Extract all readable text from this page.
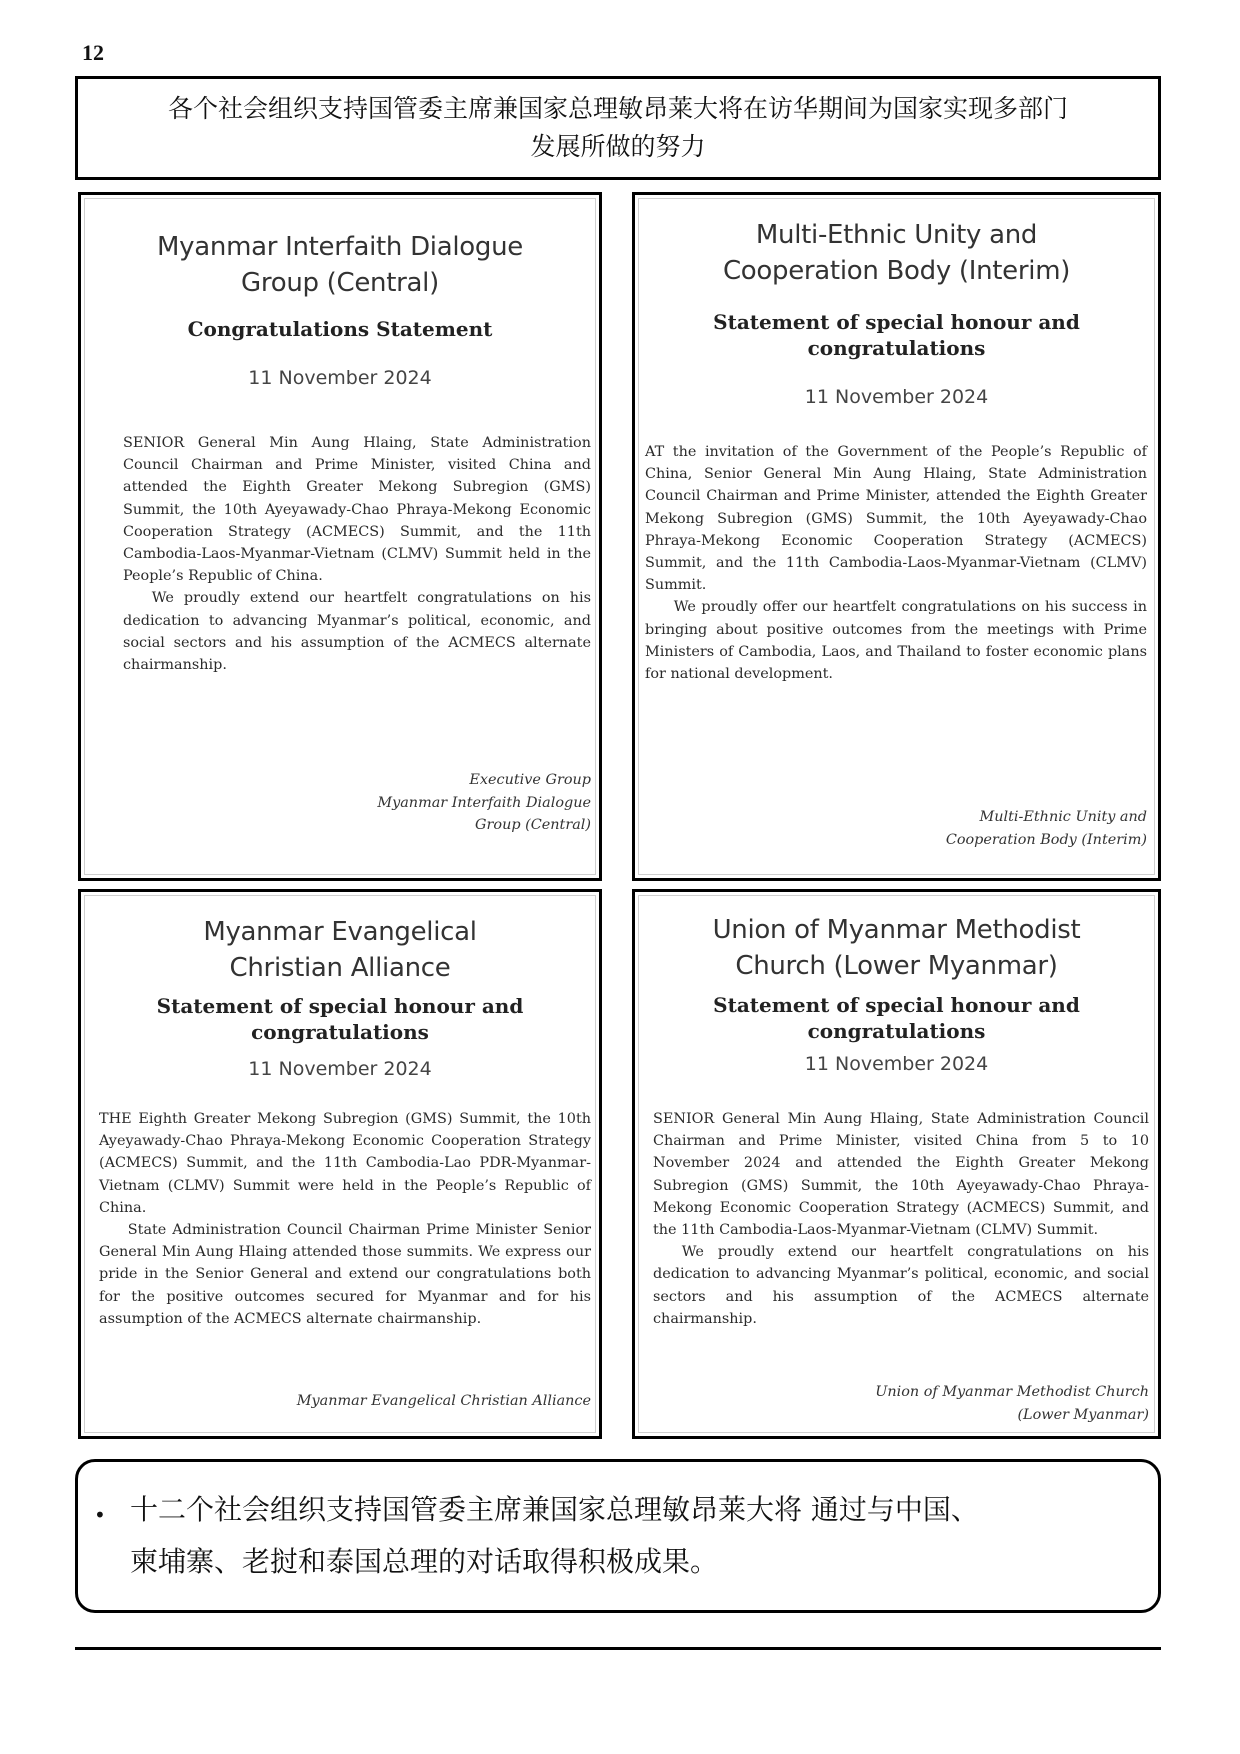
12
各个社会组织支持国管委主席兼国家总理敏昂莱大将在访华期间为国家实现多部门
发展所做的努力
Myanmar Interfaith Dialogue
Group (Central)
Congratulations Statement
11 November 2024

SENIOR General Min Aung Hlaing, State Administration Council Chairman and Prime Minister, visited China and attended the Eighth Greater Mekong Subregion (GMS) Summit, the 10th Ayeyawady-Chao Phraya-Mekong Economic Cooperation Strategy (ACMECS) Summit, and the 11th Cambodia-Laos-Myanmar-Vietnam (CLMV) Summit held in the People’s Republic of China.

We proudly extend our heartfelt congratulations on his dedication to advancing Myanmar’s political, economic, and social sectors and his assumption of the ACMECS alternate chairmanship.

Executive Group
Myanmar Interfaith Dialogue
Group (Central)
Multi-Ethnic Unity and
Cooperation Body (Interim)
Statement of special honour and
congratulations
11 November 2024

AT the invitation of the Government of the People’s Republic of China, Senior General Min Aung Hlaing, State Administration Council Chairman and Prime Minister, attended the Eighth Greater Mekong Subregion (GMS) Summit, the 10th Ayeyawady-Chao Phraya-Mekong Economic Cooperation Strategy (ACMECS) Summit, and the 11th Cambodia-Laos-Myanmar-Vietnam (CLMV) Summit.

We proudly offer our heartfelt congratulations on his success in bringing about positive outcomes from the meetings with Prime Ministers of Cambodia, Laos, and Thailand to foster economic plans for national development.

Multi-Ethnic Unity and
Cooperation Body (Interim)
Myanmar Evangelical
Christian Alliance
Statement of special honour and
congratulations
11 November 2024

THE Eighth Greater Mekong Subregion (GMS) Summit, the 10th Ayeyawady-Chao Phraya-Mekong Economic Cooperation Strategy (ACMECS) Summit, and the 11th Cambodia-Lao PDR-Myanmar-Vietnam (CLMV) Summit were held in the People’s Republic of China.

State Administration Council Chairman Prime Minister Senior General Min Aung Hlaing attended those summits. We express our pride in the Senior General and extend our congratulations both for the positive outcomes secured for Myanmar and for his assumption of the ACMECS alternate chairmanship.

Myanmar Evangelical Christian Alliance
Union of Myanmar Methodist
Church (Lower Myanmar)
Statement of special honour and
congratulations
11 November 2024

SENIOR General Min Aung Hlaing, State Administration Council Chairman and Prime Minister, visited China from 5 to 10 November 2024 and attended the Eighth Greater Mekong Subregion (GMS) Summit, the 10th Ayeyawady-Chao Phraya-Mekong Economic Cooperation Strategy (ACMECS) Summit, and the 11th Cambodia-Laos-Myanmar-Vietnam (CLMV) Summit.

We proudly extend our heartfelt congratulations on his dedication to advancing Myanmar’s political, economic, and social sectors and his assumption of the ACMECS alternate chairmanship.

Union of Myanmar Methodist Church
(Lower Myanmar)
• 十二个社会组织支持国管委主席兼国家总理敏昂莱大将 通过与中国、
柬埔寨、老挝和泰国总理的对话取得积极成果。
